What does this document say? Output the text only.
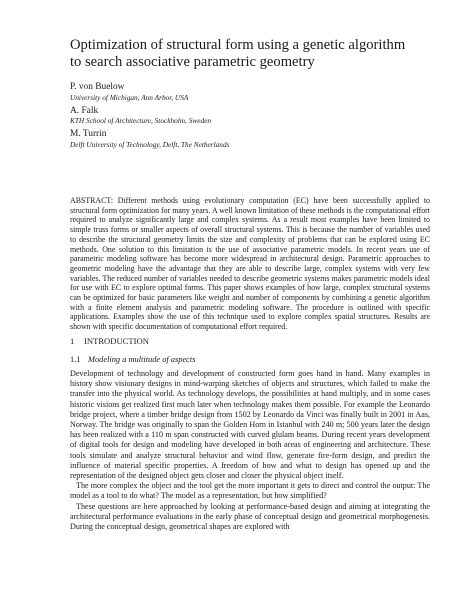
Optimization of structural form using a genetic algorithm to search associative parametric geometry
P. von Buelow
University of Michigan, Ann Arbor, USA
A. Falk
KTH School of Architecture, Stockholm, Sweden
M. Turrin
Delft University of Technology, Delft, The Netherlands
ABSTRACT: Different methods using evolutionary computation (EC) have been successfully applied to structural form optimization for many years. A well known limitation of these methods is the computational effort required to analyze significantly large and complex systems. As a result most examples have been limited to simple truss forms or smaller aspects of overall structural systems. This is because the number of variables used to describe the structural geometry limits the size and complexity of problems that can be explored using EC methods. One solution to this limitation is the use of associative parametric models. In recent years use of parametric modeling software has become more widespread in architectural design. Parametric approaches to geometric modeling have the advantage that they are able to describe large, complex systems with very few variables. The reduced number of variables needed to describe geometric systems makes parametric models ideal for use with EC to explore optimal forms. This paper shows examples of how large, complex structural systems can be optimized for basic parameters like weight and number of components by combining a genetic algorithm with a finite element analysis and parametric modeling software. The procedure is outlined with specific applications. Examples show the use of this technique used to explore complex spatial structures. Results are shown with specific documentation of computational effort required.
1 INTRODUCTION
1.1 Modeling a multitude of aspects

Development of technology and development of constructed form goes hand in hand. Many examples in history show visionary designs in mind-warping sketches of objects and structures, which failed to make the transfer into the physical world. As technology develops, the possibilities at hand multiply, and in some cases historic visions get realized first much later when technology makes them possible. For example the Leonardo bridge project, where a timber bridge design from 1502 by Leonardo da Vinci was finally built in 2001 in Aas, Norway. The bridge was originally to span the Golden Horn in Istanbul with 240 m; 500 years later the design has been realized with a 110 m span constructed with curved glulam beams. During recent years development of digital tools for design and modeling have developed in both areas of engineering and architecture. These tools simulate and analyze structural behavior and wind flow, generate fire-form design, and predict the influence of material specific properties. A freedom of how and what to design has opened up and the representation of the designed object gets closer and closer the physical object itself.

The more complex the object and the tool get the more important it gets to direct and control the output: The model as a tool to do what? The model as a representation, but how simplified?

These questions are here approached by looking at performance-based design and aiming at integrating the architectural performance evaluations in the early phase of conceptual design and geometrical morphogenesis. During the conceptual design, geometrical shapes are explored with
